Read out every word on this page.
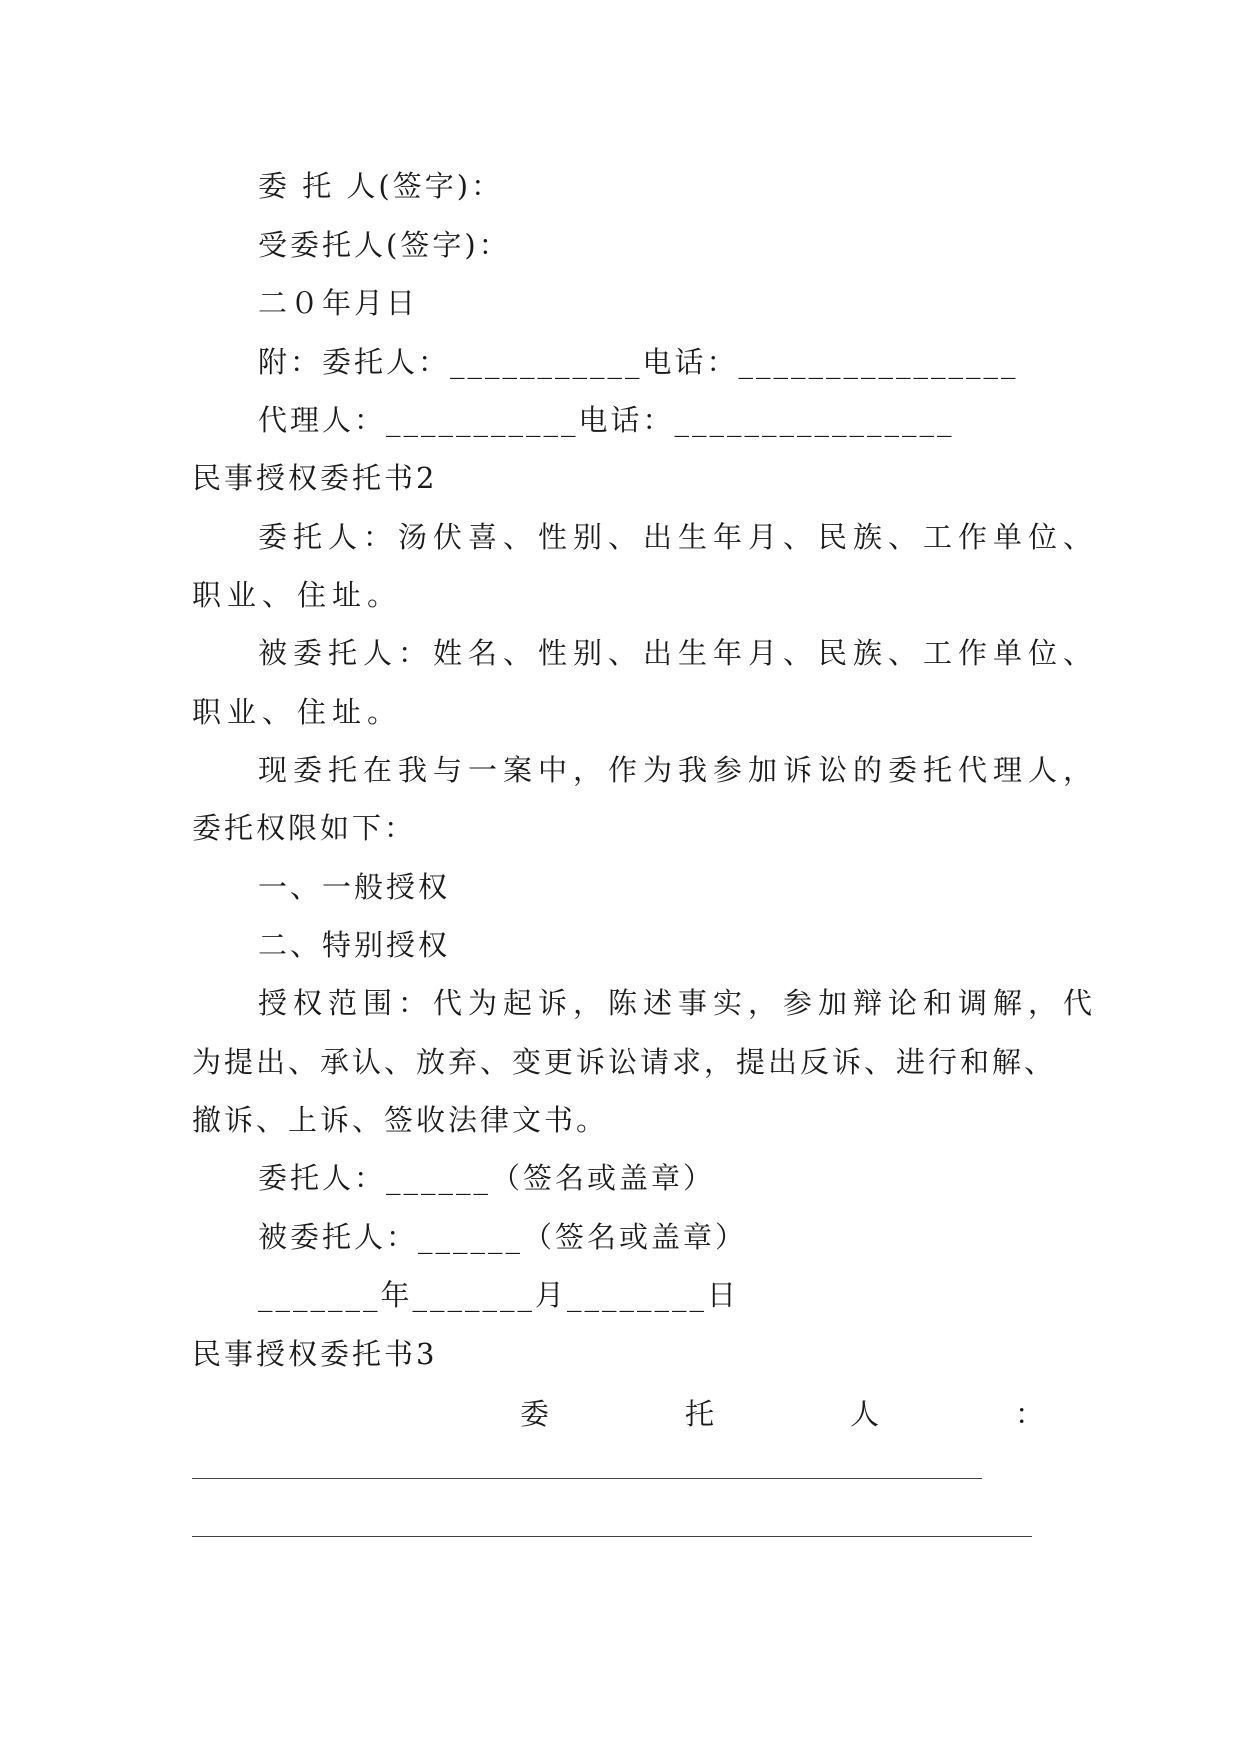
委 托 人(签字)：
受委托人(签字)：
二０年月日
附：委托人：___________电话：________________
代理人：___________电话：________________
民事授权委托书2
委托人：汤伏喜、性别、出生年月、民族、工作单位、
职业、住址。
被委托人：姓名、性别、出生年月、民族、工作单位、
职业、住址。
现委托在我与一案中，作为我参加诉讼的委托代理人，
委托权限如下：
一、一般授权
二、特别授权
授权范围：代为起诉，陈述事实，参加辩论和调解，代
为提出、承认、放弃、变更诉讼请求，提出反诉、进行和解、
撤诉、上诉、签收法律文书。
委托人：______（签名或盖章）
被委托人：______（签名或盖章）
_______年_______月________日
民事授权委托书3
委	托	人	：
